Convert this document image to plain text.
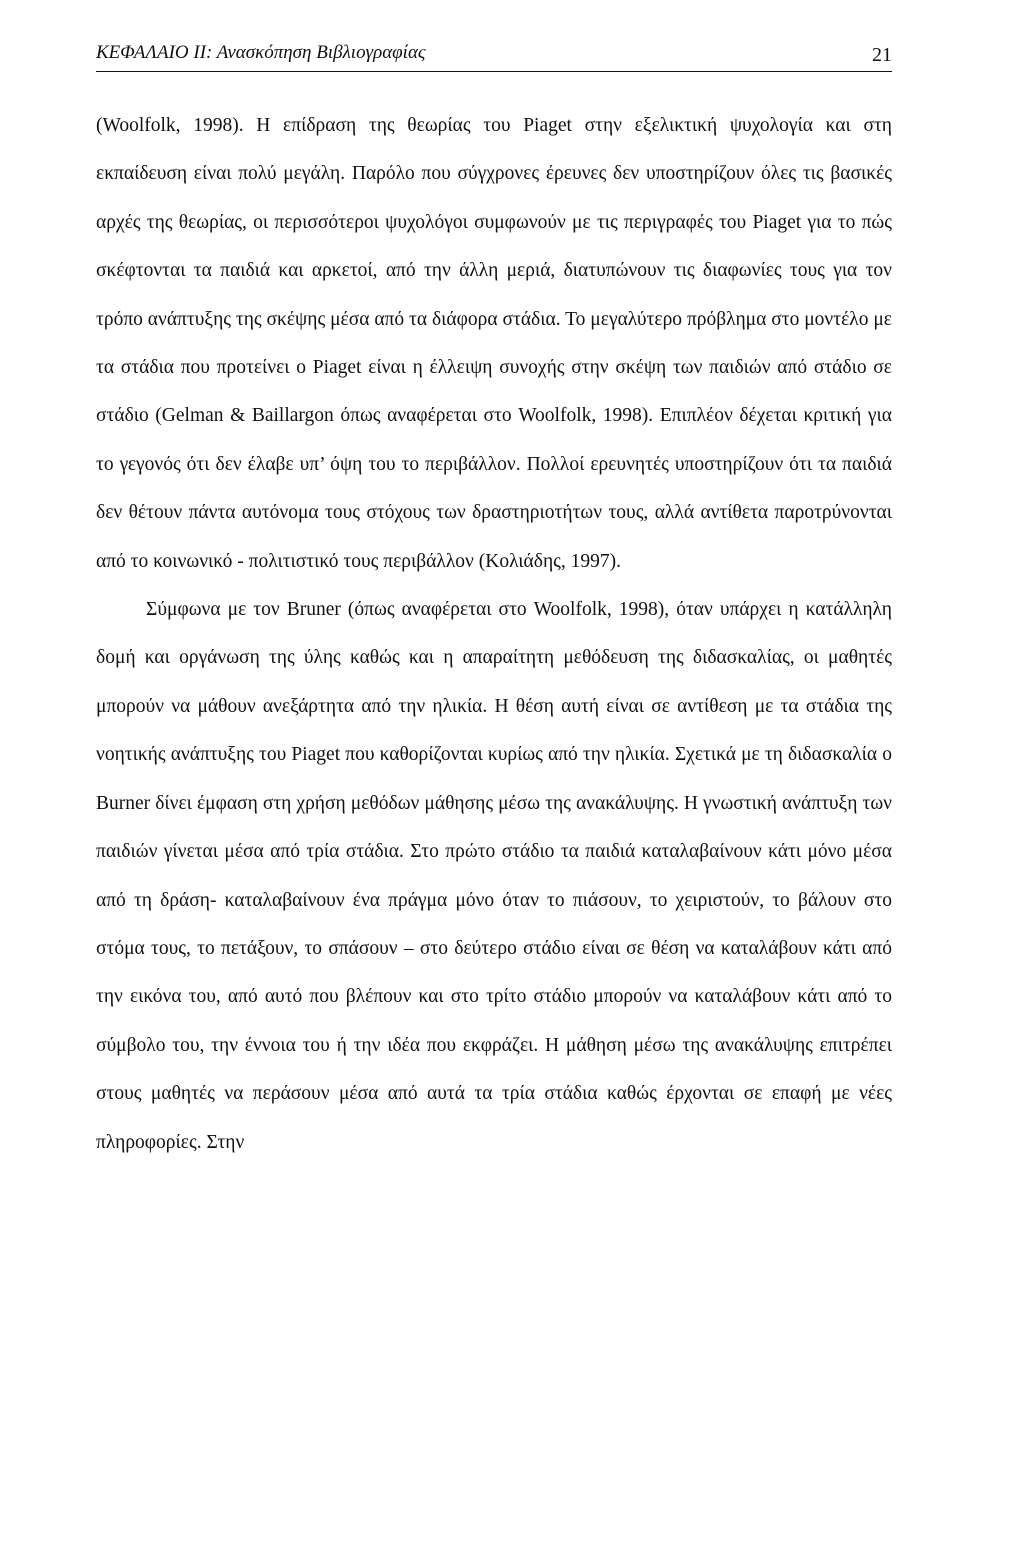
ΚΕΦΑΛΑΙΟ ΙΙ: Ανασκόπηση Βιβλιογραφίας	21

(Woolfolk, 1998). Η επίδραση της θεωρίας του Piaget στην εξελικτική ψυχολογία και στη εκπαίδευση είναι πολύ μεγάλη. Παρόλο που σύγχρονες έρευνες δεν υποστηρίζουν όλες τις βασικές αρχές της θεωρίας, οι περισσότεροι ψυχολόγοι συμφωνούν με τις περιγραφές του Piaget για το πώς σκέφτονται τα παιδιά και αρκετοί, από την άλλη μεριά, διατυπώνουν τις διαφωνίες τους για τον τρόπο ανάπτυξης της σκέψης μέσα από τα διάφορα στάδια. Το μεγαλύτερο πρόβλημα στο μοντέλο με τα στάδια που προτείνει ο Piaget είναι η έλλειψη συνοχής στην σκέψη των παιδιών από στάδιο σε στάδιο (Gelman & Baillargon όπως αναφέρεται στο Woolfolk, 1998). Επιπλέον δέχεται κριτική για το γεγονός ότι δεν έλαβε υπ’ όψη του το περιβάλλον. Πολλοί ερευνητές υποστηρίζουν ότι τα παιδιά δεν θέτουν πάντα αυτόνομα τους στόχους των δραστηριοτήτων τους, αλλά αντίθετα παροτρύνονται από το κοινωνικό - πολιτιστικό τους περιβάλλον (Κολιάδης, 1997).

Σύμφωνα με τον Bruner (όπως αναφέρεται στο Woolfolk, 1998), όταν υπάρχει η κατάλληλη δομή και οργάνωση της ύλης καθώς και η απαραίτητη μεθόδευση της διδασκαλίας, οι μαθητές μπορούν να μάθουν ανεξάρτητα από την ηλικία. Η θέση αυτή είναι σε αντίθεση με τα στάδια της νοητικής ανάπτυξης του Piaget που καθορίζονται κυρίως από την ηλικία. Σχετικά με τη διδασκαλία ο Burner δίνει έμφαση στη χρήση μεθόδων μάθησης μέσω της ανακάλυψης. Η γνωστική ανάπτυξη των παιδιών γίνεται μέσα από τρία στάδια. Στο πρώτο στάδιο τα παιδιά καταλαβαίνουν κάτι μόνο μέσα από τη δράση- καταλαβαίνουν ένα πράγμα μόνο όταν το πιάσουν, το χειριστούν, το βάλουν στο στόμα τους, το πετάξουν, το σπάσουν – στο δεύτερο στάδιο είναι σε θέση να καταλάβουν κάτι από την εικόνα του, από αυτό που βλέπουν και στο τρίτο στάδιο μπορούν να καταλάβουν κάτι από το σύμβολο του, την έννοια του ή την ιδέα που εκφράζει. Η μάθηση μέσω της ανακάλυψης επιτρέπει στους μαθητές να περάσουν μέσα από αυτά τα τρία στάδια καθώς έρχονται σε επαφή με νέες πληροφορίες. Στην
